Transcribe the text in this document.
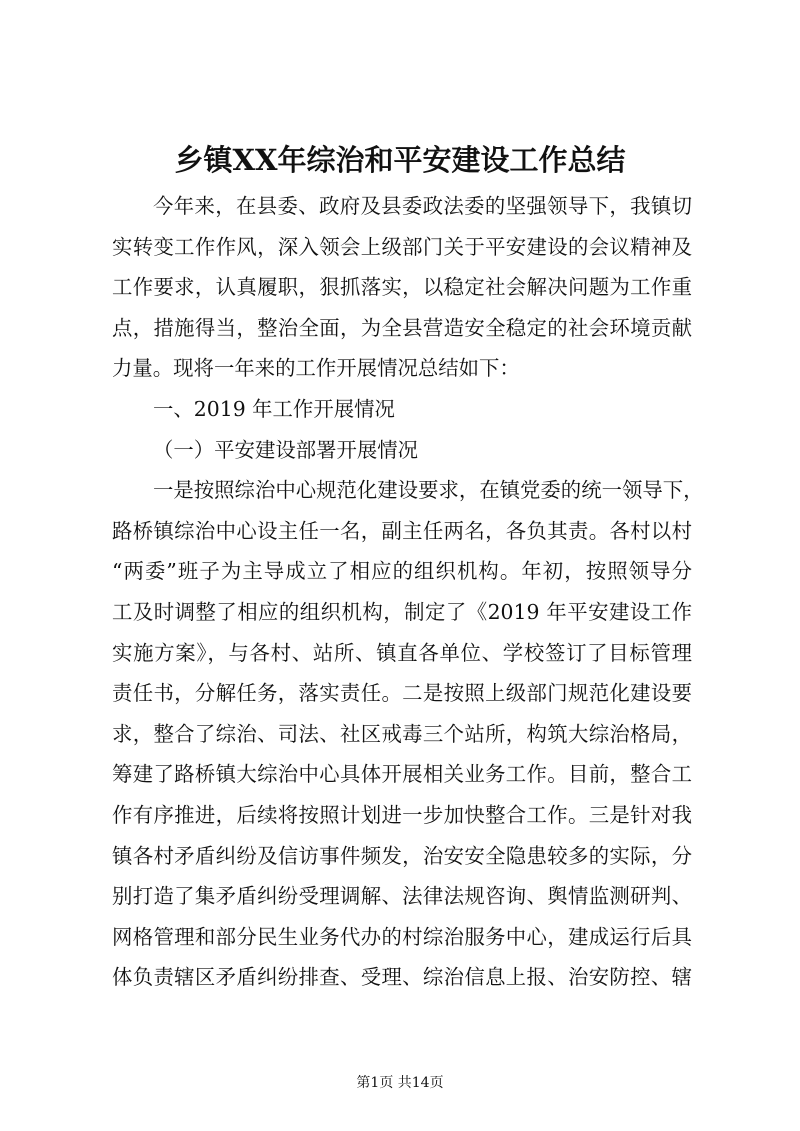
乡镇XX年综治和平安建设工作总结
今年来，在县委、政府及县委政法委的坚强领导下，我镇切
实转变工作作风，深入领会上级部门关于平安建设的会议精神及
工作要求，认真履职，狠抓落实，以稳定社会解决问题为工作重
点，措施得当，整治全面，为全县营造安全稳定的社会环境贡献
力量。现将一年来的工作开展情况总结如下：
一、2019 年工作开展情况
（一）平安建设部署开展情况
一是按照综治中心规范化建设要求，在镇党委的统一领导下，
路桥镇综治中心设主任一名，副主任两名，各负其责。各村以村
“两委”班子为主导成立了相应的组织机构。年初，按照领导分
工及时调整了相应的组织机构，制定了《2019 年平安建设工作
实施方案》，与各村、站所、镇直各单位、学校签订了目标管理
责任书，分解任务，落实责任。二是按照上级部门规范化建设要
求，整合了综治、司法、社区戒毒三个站所，构筑大综治格局，
筹建了路桥镇大综治中心具体开展相关业务工作。目前，整合工
作有序推进，后续将按照计划进一步加快整合工作。三是针对我
镇各村矛盾纠纷及信访事件频发，治安安全隐患较多的实际，分
别打造了集矛盾纠纷受理调解、法律法规咨询、舆情监测研判、
网格管理和部分民生业务代办的村综治服务中心，建成运行后具
体负责辖区矛盾纠纷排查、受理、综治信息上报、治安防控、辖
第1页 共14页
